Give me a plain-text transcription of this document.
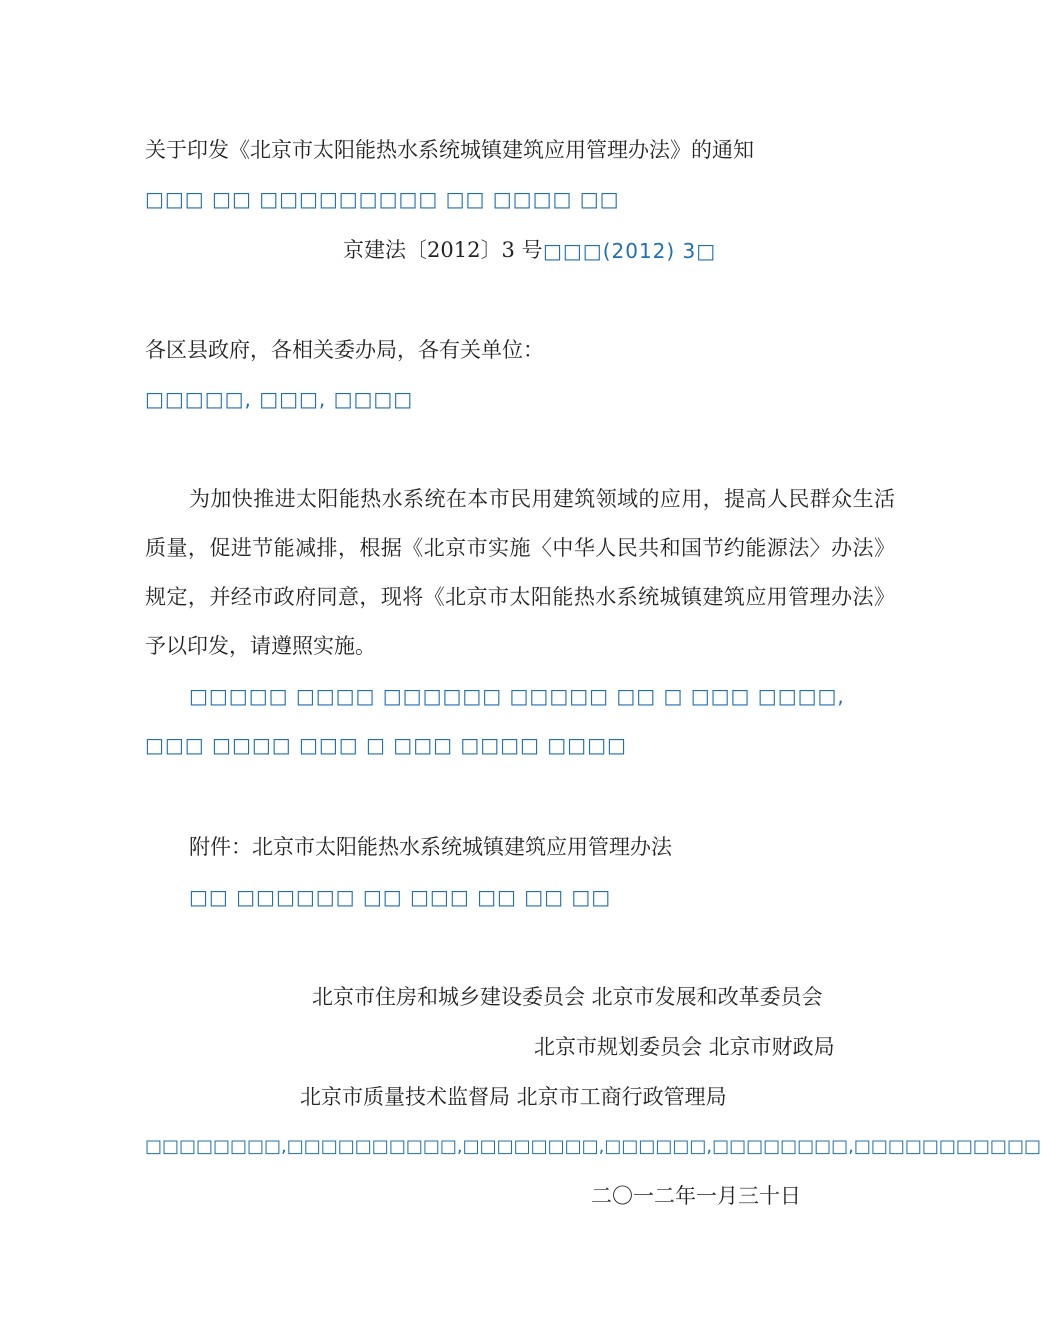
关于印发《北京市太阳能热水系统城镇建筑应用管理办法》的通知
□□□ □□ □□□□□□□□□ □□ □□□□ □□
京建法〔2012〕3 号 □□□(2012) 3□
各区县政府，各相关委办局，各有关单位：
□□□□□, □□□, □□□□
为加快推进太阳能热水系统在本市民用建筑领域的应用，提高人民群众生活质量，促进节能减排，根据《北京市实施〈中华人民共和国节约能源法〉办法》规定，并经市政府同意，现将《北京市太阳能热水系统城镇建筑应用管理办法》予以印发，请遵照实施。
□□□□□ □□□□ □□□□□□ □□□□□ □□ □ □□□ □□□□, □□□ □□□□ □□□ □ □□□ □□□□ □□□□
附件：北京市太阳能热水系统城镇建筑应用管理办法
□□ □□□□□□ □□ □□□ □□ □□ □□
北京市住房和城乡建设委员会 北京市发展和改革委员会
北京市规划委员会 北京市财政局
北京市质量技术监督局 北京市工商行政管理局
□□□□□□□□,□□□□□□□□□□,□□□□□□□□,□□□□□□,□□□□□□□□,□□□□□□□□□□□
二〇一二年一月三十日
